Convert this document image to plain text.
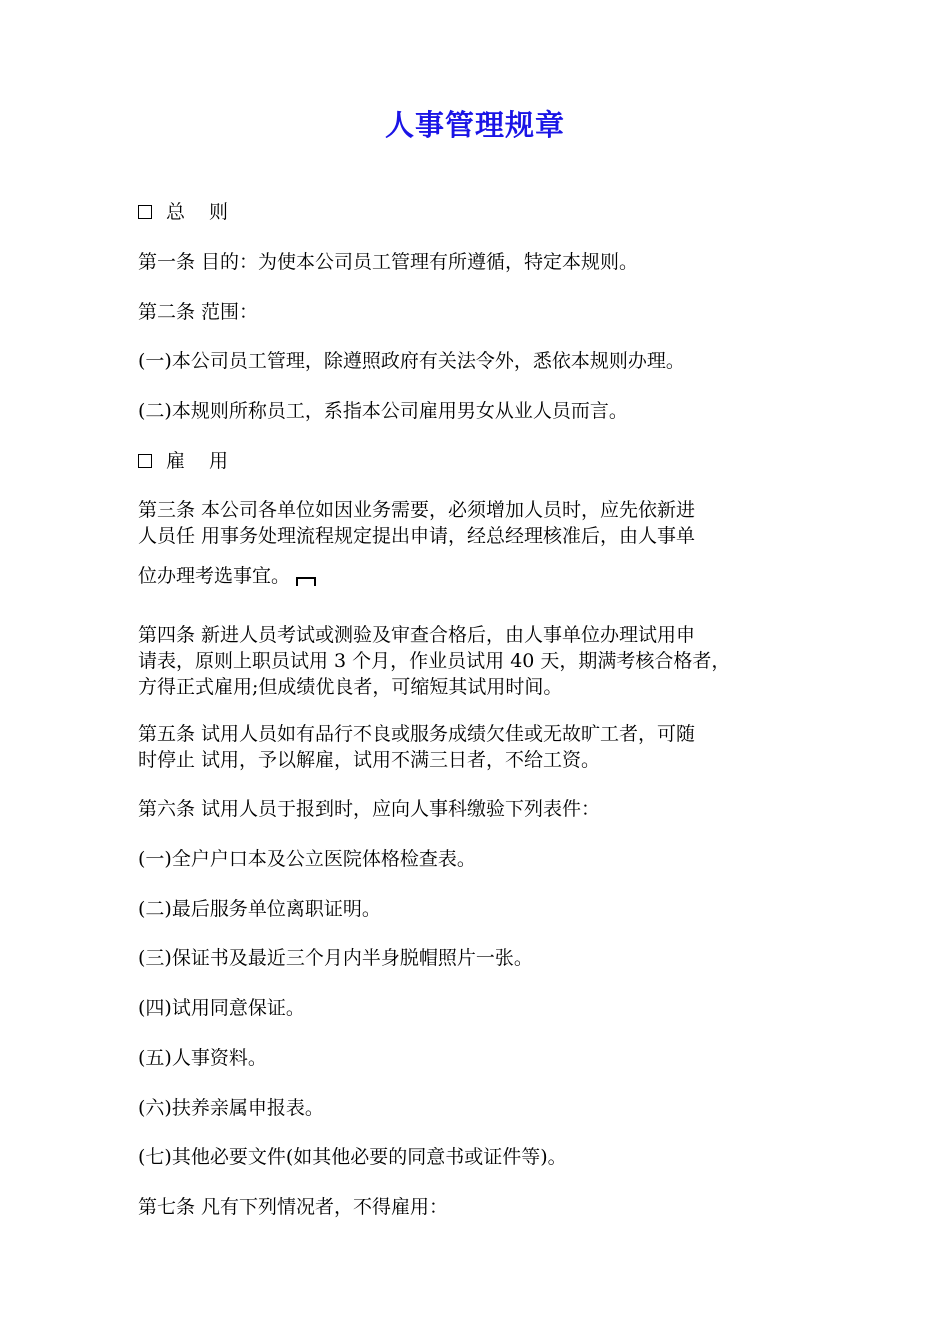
人事管理规章
总 则
第一条 目的：为使本公司员工管理有所遵循，特定本规则。
第二条 范围：
(一)本公司员工管理，除遵照政府有关法令外，悉依本规则办理。
(二)本规则所称员工，系指本公司雇用男女从业人员而言。
雇 用
第三条 本公司各单位如因业务需要，必须增加人员时，应先依新进
人员任 用事务处理流程规定提出申请，经总经理核准后，由人事单
位办理考选事宜。
第四条 新进人员考试或测验及审查合格后，由人事单位办理试用申
请表，原则上职员试用 3 个月，作业员试用 40 天，期满考核合格者，
方得正式雇用;但成绩优良者，可缩短其试用时间。
第五条 试用人员如有品行不良或服务成绩欠佳或无故旷工者，可随
时停止 试用，予以解雇，试用不满三日者，不给工资。
第六条 试用人员于报到时，应向人事科缴验下列表件：
(一)全户户口本及公立医院体格检查表。
(二)最后服务单位离职证明。
(三)保证书及最近三个月内半身脱帽照片一张。
(四)试用同意保证。
(五)人事资料。
(六)扶养亲属申报表。
(七)其他必要文件(如其他必要的同意书或证件等)。
第七条 凡有下列情况者，不得雇用：
